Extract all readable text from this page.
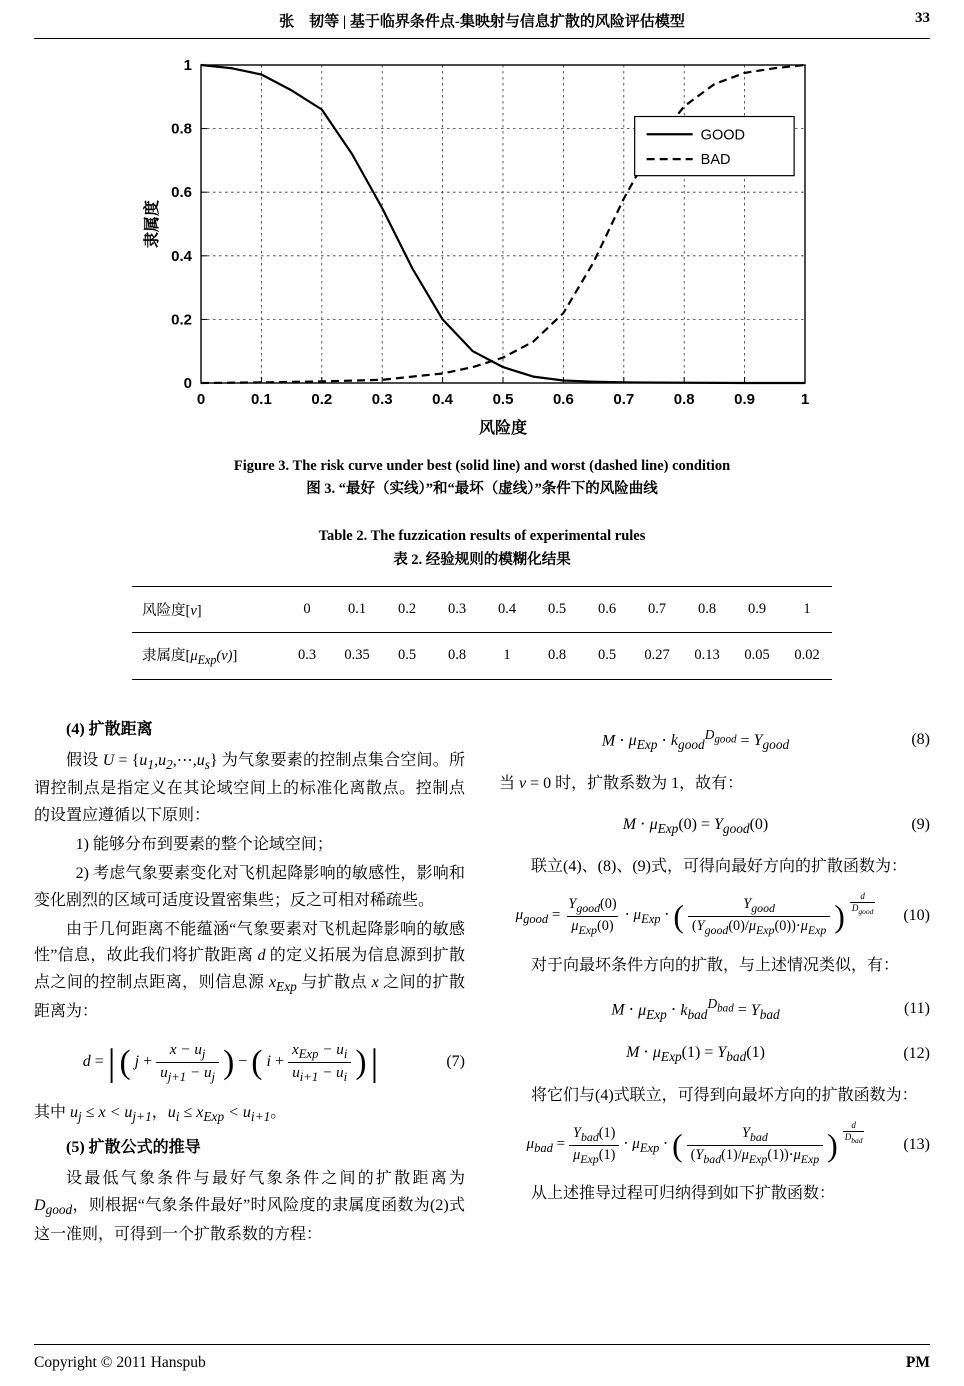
张　韧等 | 基于临界条件点-集映射与信息扩散的风险评估模型	33
0	0.1	0.2	0.3	0.4	0.5	0.6	0.7	0.8	0.9	1
0
0.2
0.4
0.6
0.8
1
GOOD
BAD
风险度
隶属度
Figure 3. The risk curve under best (solid line) and worst (dashed line) condition
图 3. “最好（实线）”和“最坏（虚线）”条件下的风险曲线
Table 2. The fuzzication results of experimental rules
表 2. 经验规则的模糊化结果
风险度[v]	0	0.1	0.2	0.3	0.4	0.5	0.6	0.7	0.8	0.9	1
隶属度$[\mu_{Exp}(v)]$	0.3	0.35	0.5	0.8	1	0.8	0.5	0.27	0.13	0.05	0.02

(4) 扩散距离

假设 $U = \{u_1,u_2,\cdots,u_s\}$ 为气象要素的控制点集合空间。所谓控制点是指定义在其论域空间上的标准化离散点。控制点的设置应遵循以下原则：

1) 能够分布到要素的整个论域空间；

2) 考虑气象要素变化对飞机起降影响的敏感性，影响和变化剧烈的区域可适度设置密集些；反之可相对稀疏些。

由于几何距离不能蕴涵“气象要素对飞机起降影响的敏感性”信息，故此我们将扩散距离 d 的定义拓展为信息源到扩散点之间的控制点距离，则信息源 $x_{Exp}$ 与扩散点 x 之间的扩散距离为：

d = | ( $j + \frac{x - u_j}{u_{j+1} - u_j}$ ) − ( $i + \frac{x_{Exp} - u_i}{u_{i+1} - u_i}$ ) |	(7)

其中 $u_j \le x < u_{j+1}$，$u_i \le x_{Exp} < u_{i+1}$。

(5) 扩散公式的推导

设最低气象条件与最好气象条件之间的扩散距离为 $D_{good}$，则根据“气象条件最好”时风险度的隶属度函数为(2)式这一准则，可得到一个扩散系数的方程：

$M \cdot \mu_{Exp} \cdot k_{good}^{D_{good}} = Y_{good}$	(8)

当 v = 0 时，扩散系数为 1，故有：

$M \cdot \mu_{Exp}(0) = Y_{good}(0)$	(9)

联立(4)、(8)、(9)式，可得向最好方向的扩散函数为：

$\mu_{good} = \frac{Y_{good}(0)}{\mu_{Exp}(0)} \cdot \mu_{Exp}$ ⋅ ( $\frac{Y_{good}}{(Y_{good}(0)/\mu_{Exp}(0))\cdot\mu_{Exp}}$ ) $\frac{d}{D_{good}}$	(10)

对于向最坏条件方向的扩散，与上述情况类似，有：

$M \cdot \mu_{Exp} \cdot k_{bad}^{D_{bad}} = Y_{bad}$	(11)
$M \cdot \mu_{Exp}(1) = Y_{bad}(1)$	(12)

将它们与(4)式联立，可得到向最坏方向的扩散函数为：

$\mu_{bad} = \frac{Y_{bad}(1)}{\mu_{Exp}(1)} \cdot \mu_{Exp}$ ⋅ ( $\frac{Y_{bad}}{(Y_{bad}(1)/\mu_{Exp}(1))\cdot\mu_{Exp}}$ ) $\frac{d}{D_{bad}}$	(13)

从上述推导过程可归纳得到如下扩散函数：

Copyright © 2011 Hanspub	PM
